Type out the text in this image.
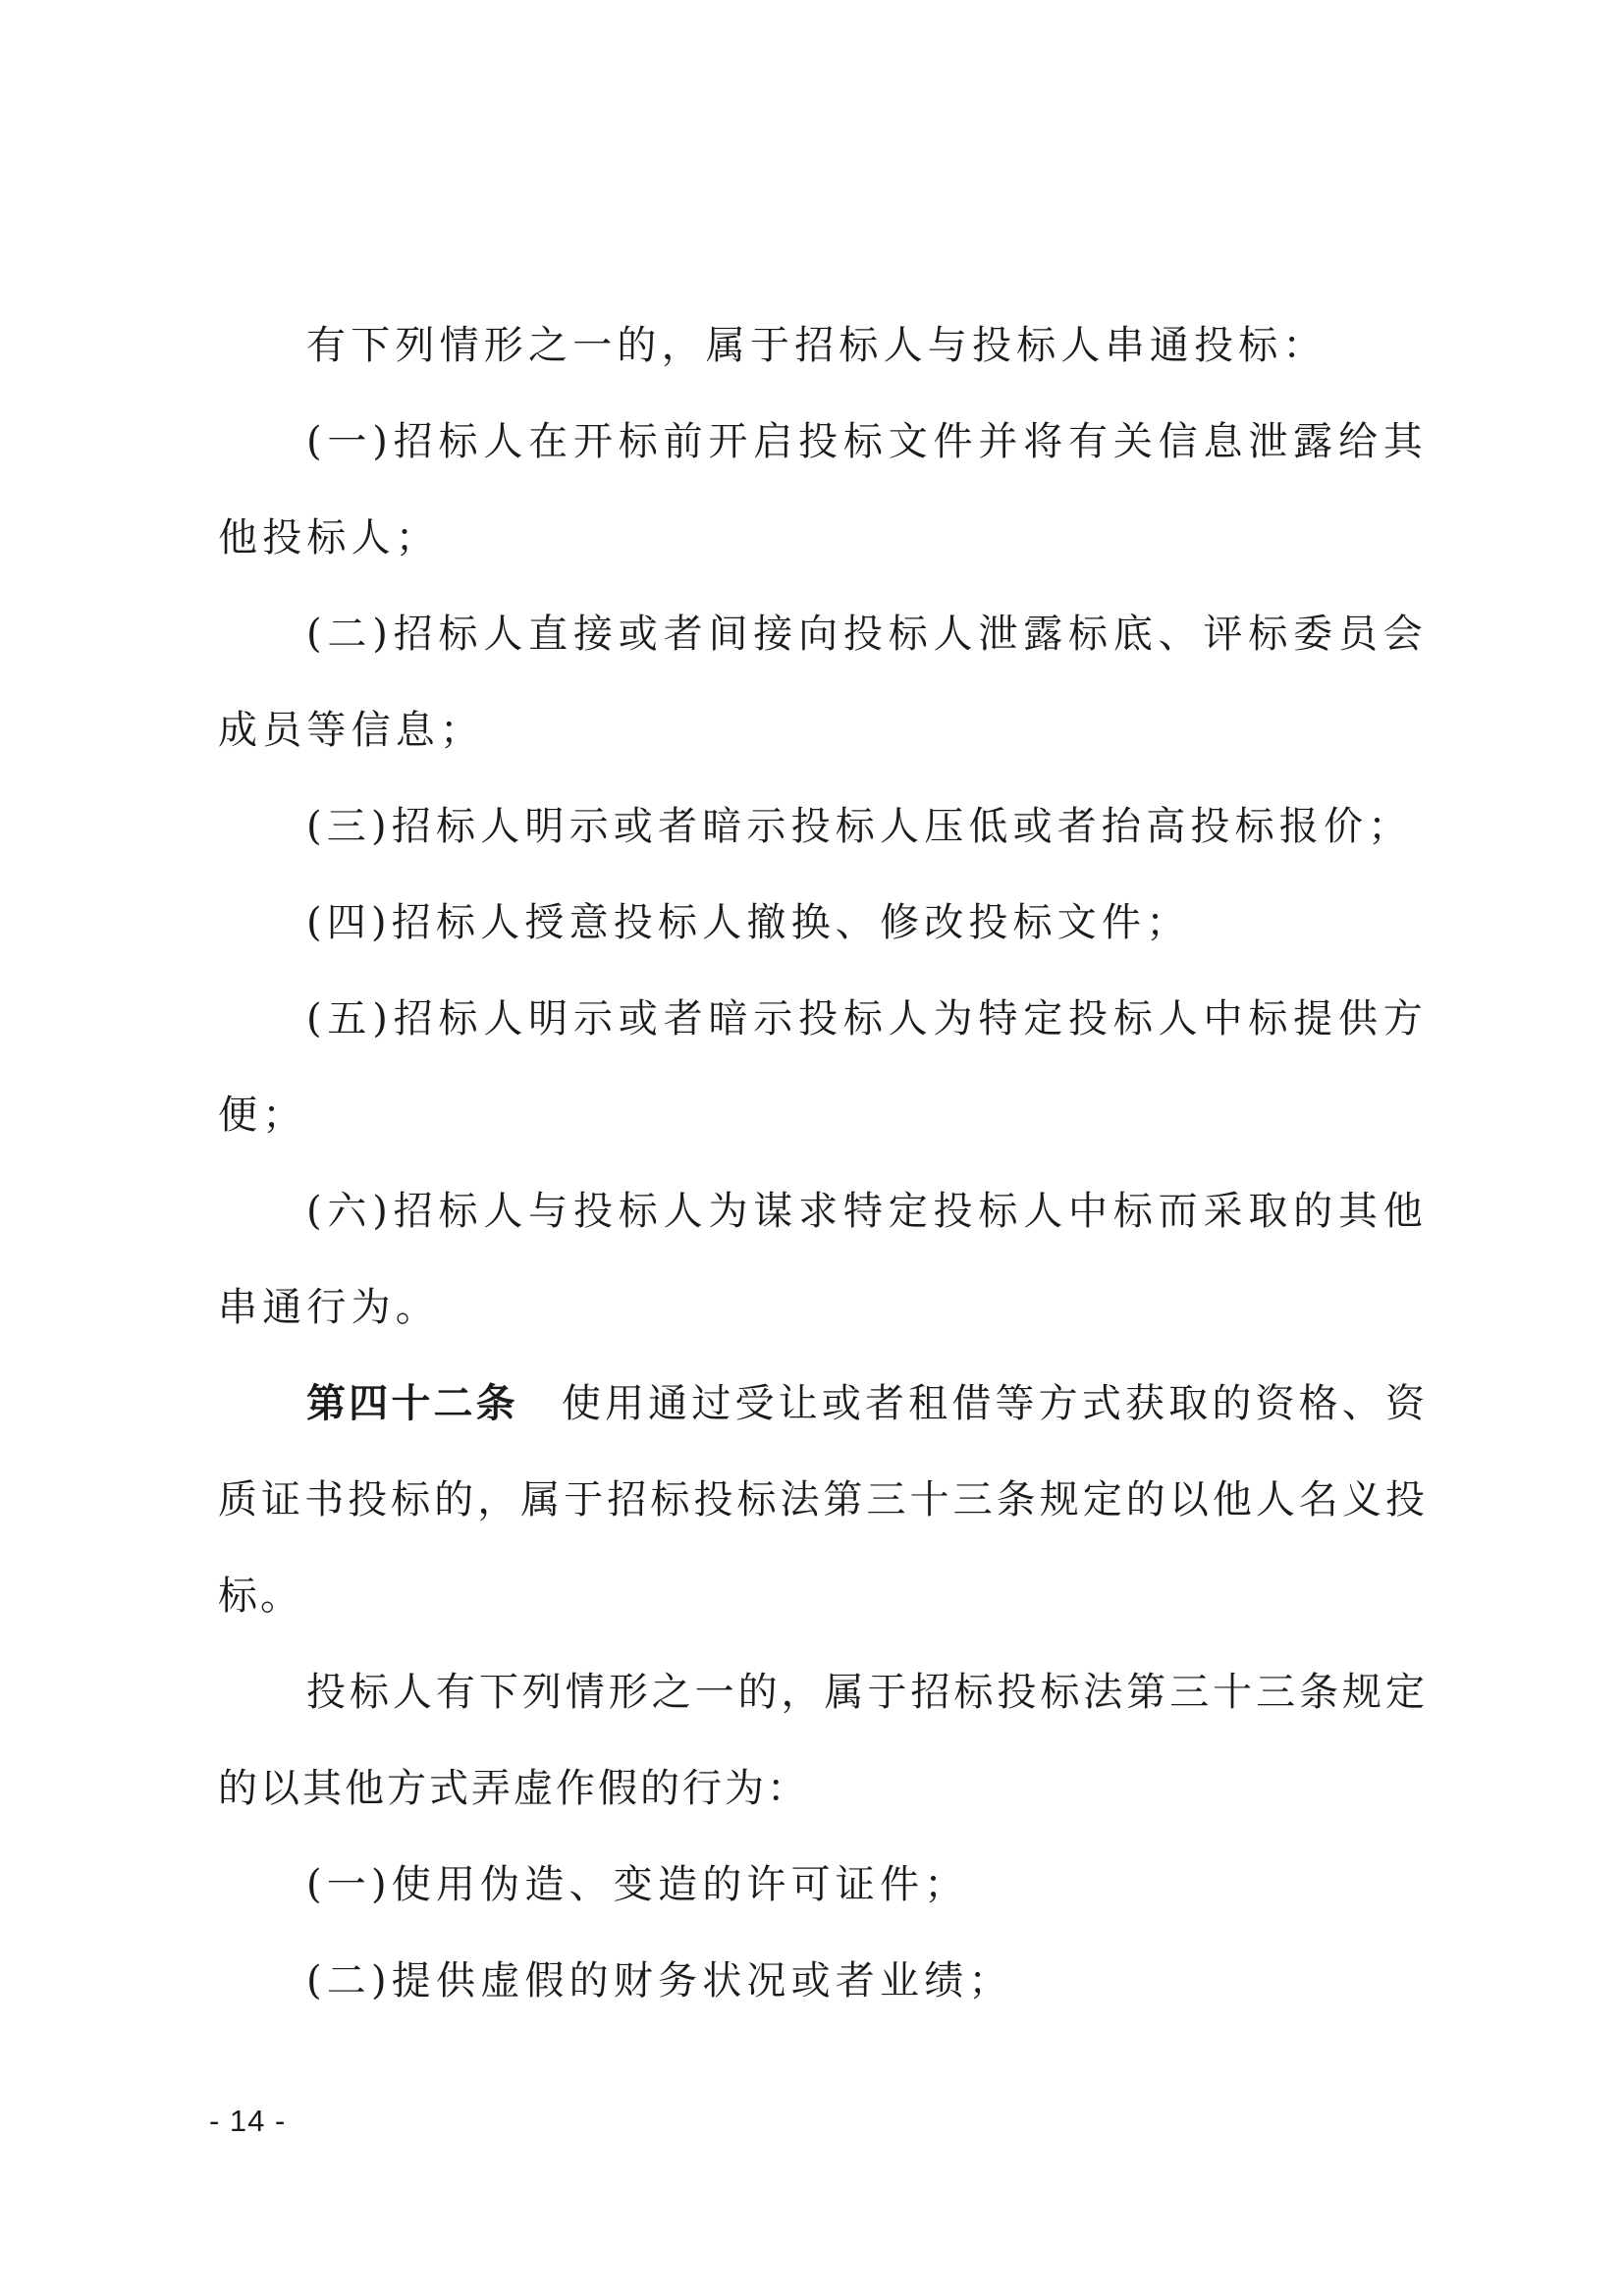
有下列情形之一的，属于招标人与投标人串通投标：

(一)招标人在开标前开启投标文件并将有关信息泄露给其他投标人；

(二)招标人直接或者间接向投标人泄露标底、评标委员会成员等信息；

(三)招标人明示或者暗示投标人压低或者抬高投标报价；

(四)招标人授意投标人撤换、修改投标文件；

(五)招标人明示或者暗示投标人为特定投标人中标提供方便；

(六)招标人与投标人为谋求特定投标人中标而采取的其他串通行为。

第四十二条 使用通过受让或者租借等方式获取的资格、资质证书投标的，属于招标投标法第三十三条规定的以他人名义投标。

投标人有下列情形之一的，属于招标投标法第三十三条规定的以其他方式弄虚作假的行为：

(一)使用伪造、变造的许可证件；

(二)提供虚假的财务状况或者业绩；

- 14 -
